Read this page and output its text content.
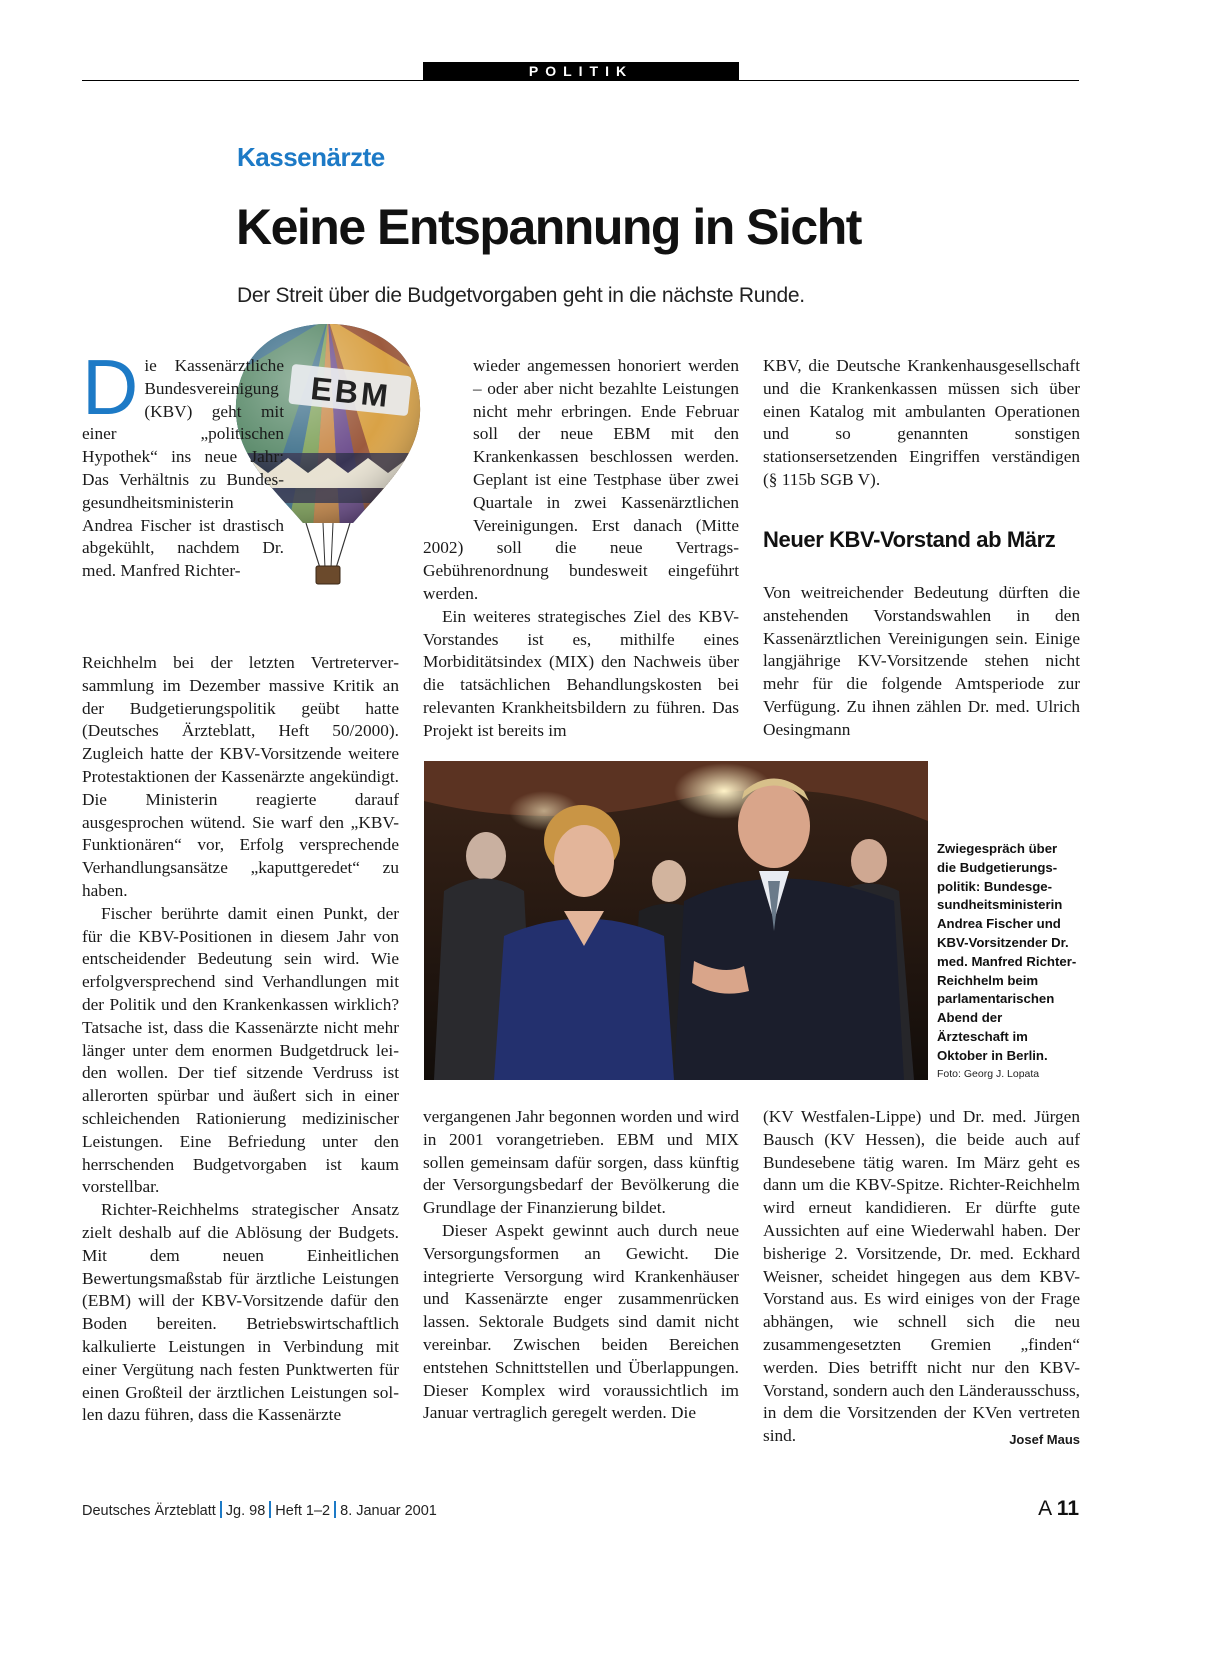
POLITIK
Kassenärzte
Keine Entspannung in Sicht
Der Streit über die Budgetvorgaben geht in die nächste Runde.
EBM
D ie Kassenärztliche Bundesvereinigung (KBV) geht mit einer „politischen Hypothek“ ins neue Jahr: Das Verhältnis zu Bundesgesundheitsministerin Andrea Fischer ist drastisch abgekühlt, nachdem Dr. med. Manfred Richter-

Reichhelm bei der letzten Vertreterversammlung im Dezember massive Kritik an der Budgetierungspolitik geübt hatte (Deutsches Ärzteblatt, Heft 50/2000). Zugleich hatte der KBV-Vorsitzende weitere Protestaktionen der Kassenärzte angekündigt. Die Ministerin reagierte darauf ausgesprochen wütend. Sie warf den „KBV-Funktionären“ vor, Erfolg versprechende Verhandlungsansätze „kaputtgeredet“ zu haben.

Fischer berührte damit einen Punkt, der für die KBV-Positionen in diesem Jahr von entscheidender Bedeutung sein wird. Wie erfolgversprechend sind Verhandlungen mit der Politik und den Krankenkassen wirklich? Tatsache ist, dass die Kassenärzte nicht mehr länger unter dem enormen Budgetdruck leiden wollen. Der tief sitzende Verdruss ist allerorten spürbar und äußert sich in einer schleichenden Rationierung medizinischer Leistungen. Eine Befriedung unter den herrschenden Budgetvorgaben ist kaum vorstellbar.

Richter-Reichhelms strategischer Ansatz zielt deshalb auf die Ablösung der Budgets. Mit dem neuen Einheitlichen Bewertungsmaßstab für ärztliche Leistungen (EBM) will der KBV-Vorsitzende dafür den Boden bereiten. Betriebswirtschaftlich kalkulierte Leistungen in Verbindung mit einer Vergütung nach festen Punktwerten für einen Großteil der ärztlichen Leistungen sollen dazu führen, dass die Kassenärzte

wieder angemessen honoriert werden – oder aber nicht bezahlte Leistungen nicht mehr erbringen. Ende Februar soll der neue EBM mit den Krankenkassen beschlossen werden. Geplant ist eine Testphase über zwei Quartale in zwei Kassenärztlichen Vereinigungen. Erst danach (Mitte 2002) soll die neue Vertrags-Gebührenordnung bundesweit eingeführt werden.

Ein weiteres strategisches Ziel des KBV-Vorstandes ist es, mithilfe eines Morbiditätsindex (MIX) den Nachweis über die tatsächlichen Behandlungskosten bei relevanten Krankheitsbildern zu führen. Das Projekt ist bereits im

vergangenen Jahr begonnen worden und wird in 2001 vorangetrieben. EBM und MIX sollen gemeinsam dafür sorgen, dass künftig der Versorgungsbedarf der Bevölkerung die Grundlage der Finanzierung bildet.

Dieser Aspekt gewinnt auch durch neue Versorgungsformen an Gewicht. Die integrierte Versorgung wird Krankenhäuser und Kassenärzte enger zusammenrücken lassen. Sektorale Budgets sind damit nicht vereinbar. Zwischen beiden Bereichen entstehen Schnittstellen und Überlappungen. Dieser Komplex wird voraussichtlich im Januar vertraglich geregelt werden. Die

KBV, die Deutsche Krankenhausgesellschaft und die Krankenkassen müssen sich über einen Katalog mit ambulanten Operationen und so genannten sonstigen stationsersetzenden Eingriffen verständigen (§ 115b SGB V).

Neuer KBV-Vorstand ab März

Von weitreichender Bedeutung dürften die anstehenden Vorstandswahlen in den Kassenärztlichen Vereinigungen sein. Einige langjährige KV-Vorsitzende stehen nicht mehr für die folgende Amtsperiode zur Verfügung. Zu ihnen zählen Dr. med. Ulrich Oesingmann

(KV Westfalen-Lippe) und Dr. med. Jürgen Bausch (KV Hessen), die beide auch auf Bundesebene tätig waren. Im März geht es dann um die KBV-Spitze. Richter-Reichhelm wird erneut kandidieren. Er dürfte gute Aussichten auf eine Wiederwahl haben. Der bisherige 2. Vorsitzende, Dr. med. Eckhard Weisner, scheidet hingegen aus dem KBV-Vorstand aus. Es wird einiges von der Frage abhängen, wie schnell sich die neu zusammengesetzten Gremien „finden“ werden. Dies betrifft nicht nur den KBV-Vorstand, sondern auch den Länderausschuss, in dem die Vorsitzenden der KVen vertreten sind.	Josef Maus

Zwiegespräch über die Budgetierungspolitik: Bundesgesundheitsministerin Andrea Fischer und KBV-Vorsitzender Dr. med. Manfred Richter-Reichhelm beim parlamentarischen Abend der Ärzteschaft im Oktober in Berlin.
Foto: Georg J. Lopata
Deutsches Ärzteblatt Jg. 98 Heft 1–2 8. Januar 2001	A 11
